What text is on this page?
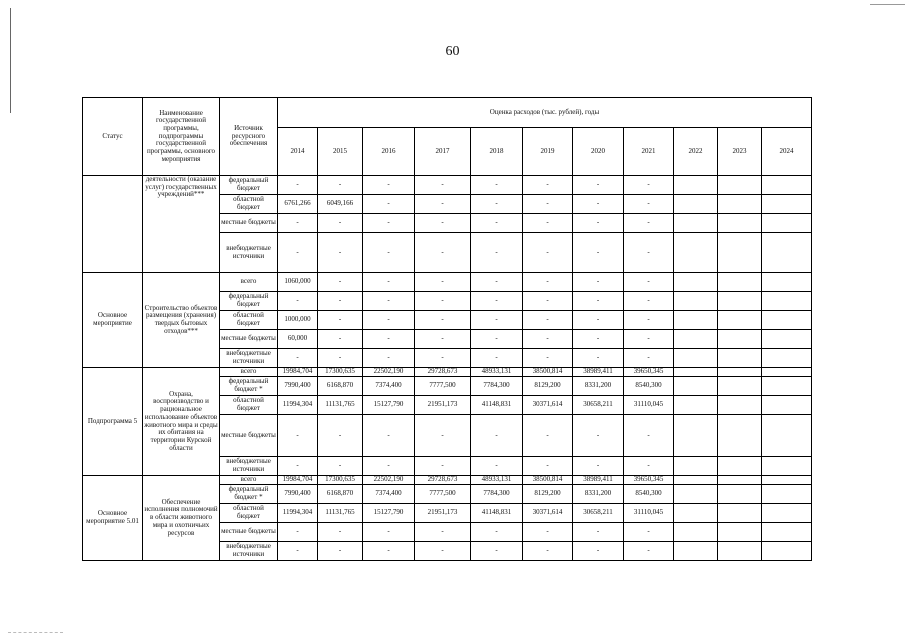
60
Статус	Наименование государственной программы, подпрограммы государственной программы, основного мероприятия	Источник ресурсного обеспечения	Оценка расходов (тыс. рублей), годы										
			2014	2015	2016	2017	2018	2019	2020	2021	2022	2023	2024
	деятельности (оказание услуг) государственных учреждений***	федеральный бюджет	-	-	-	-	-	-	-	-			
		областной бюджет	6761,266	6049,166	-	-	-	-	-	-			
		местные бюджеты	-	-	-	-	-	-	-	-			
		внебюджетные источники	-	-	-	-	-	-	-	-			
Основное мероприятие	Строительство объектов размещения (хранения) твердых бытовых отходов***	всего	1060,000	-	-	-	-	-	-	-			
		федеральный бюджет	-	-	-	-	-	-	-	-			
		областной бюджет	1000,000	-	-	-	-	-	-	-			
		местные бюджеты	60,000	-	-	-	-	-	-	-			
		внебюджетные источники	-	-	-	-	-	-	-	-			
Подпрограмма 5	Охрана, воспроизводство и рациональное использование объектов животного мира и среды их обитания на территории Курской области	всего	19984,704	17300,635	22502,190	29728,673	48933,131	38500,814	38989,411	39650,345			
		федеральный бюджет *	7990,400	6168,870	7374,400	7777,500	7784,300	8129,200	8331,200	8540,300			
		областной бюджет	11994,304	11131,765	15127,790	21951,173	41148,831	30371,614	30658,211	31110,045			
		местные бюджеты	-	-	-	-	-	-	-	-			
		внебюджетные источники	-	-	-	-	-	-	-	-			
Основное мероприятие 5.01	Обеспечение исполнения полномочий в области животного мира и охотничьих ресурсов	всего	19984,704	17300,635	22502,190	29728,673	48933,131	38500,814	38989,411	39650,345			
		федеральный бюджет *	7990,400	6168,870	7374,400	7777,500	7784,300	8129,200	8331,200	8540,300			
		областной бюджет	11994,304	11131,765	15127,790	21951,173	41148,831	30371,614	30658,211	31110,045			
		местные бюджеты	-	-	-	-	-	-	-	-			
		внебюджетные источники	-	-	-	-	-	-	-	-			
